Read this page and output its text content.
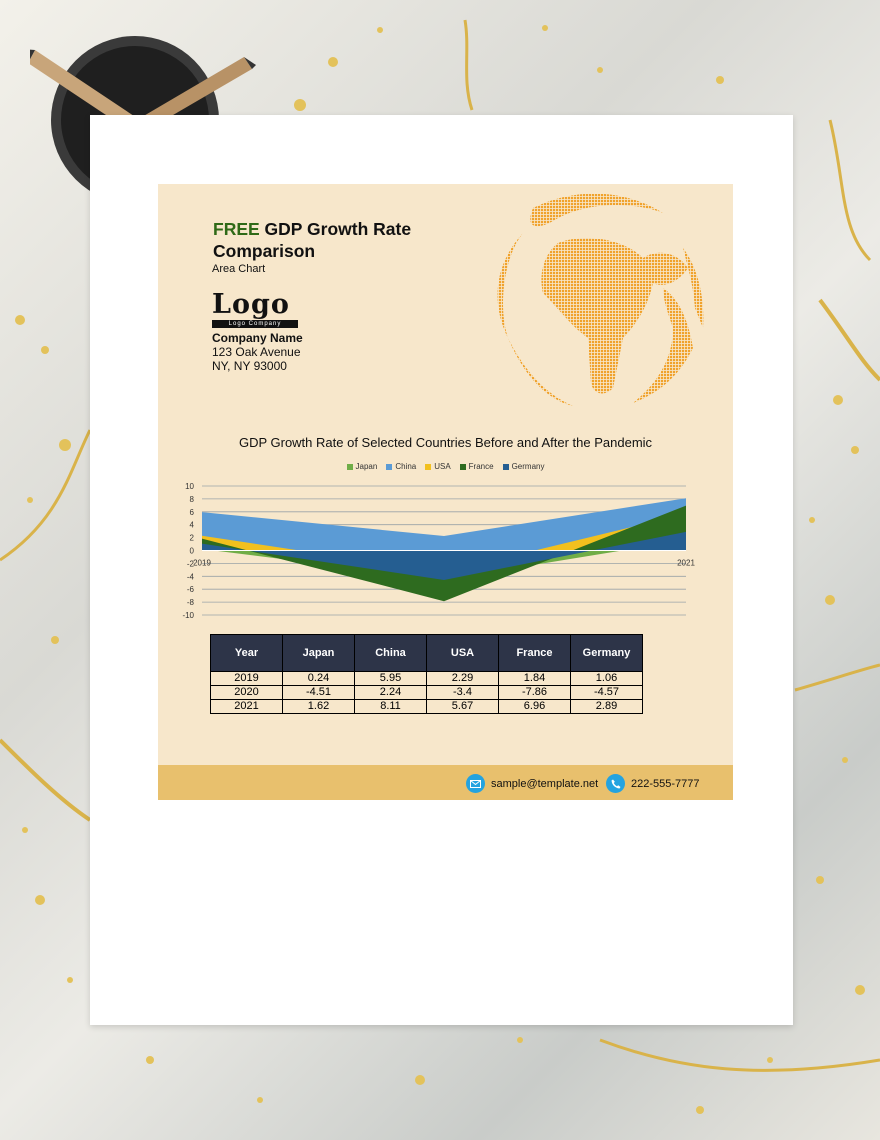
FREE GDP Growth Rate Comparison
Area Chart
Logo
Logo Company
Company Name
123 Oak Avenue
NY, NY 93000
GDP Growth Rate of Selected Countries Before and After the Pandemic
Japan China USA France Germany
10
8
6
4
2
0
-2
-4
-6
-8
-10
2019	2021
Year	Japan	China	USA	France	Germany
2019	0.24	5.95	2.29	1.84	1.06
2020	-4.51	2.24	-3.4	-7.86	-4.57
2021	1.62	8.11	5.67	6.96	2.89
sample@template.net	222-555-7777
